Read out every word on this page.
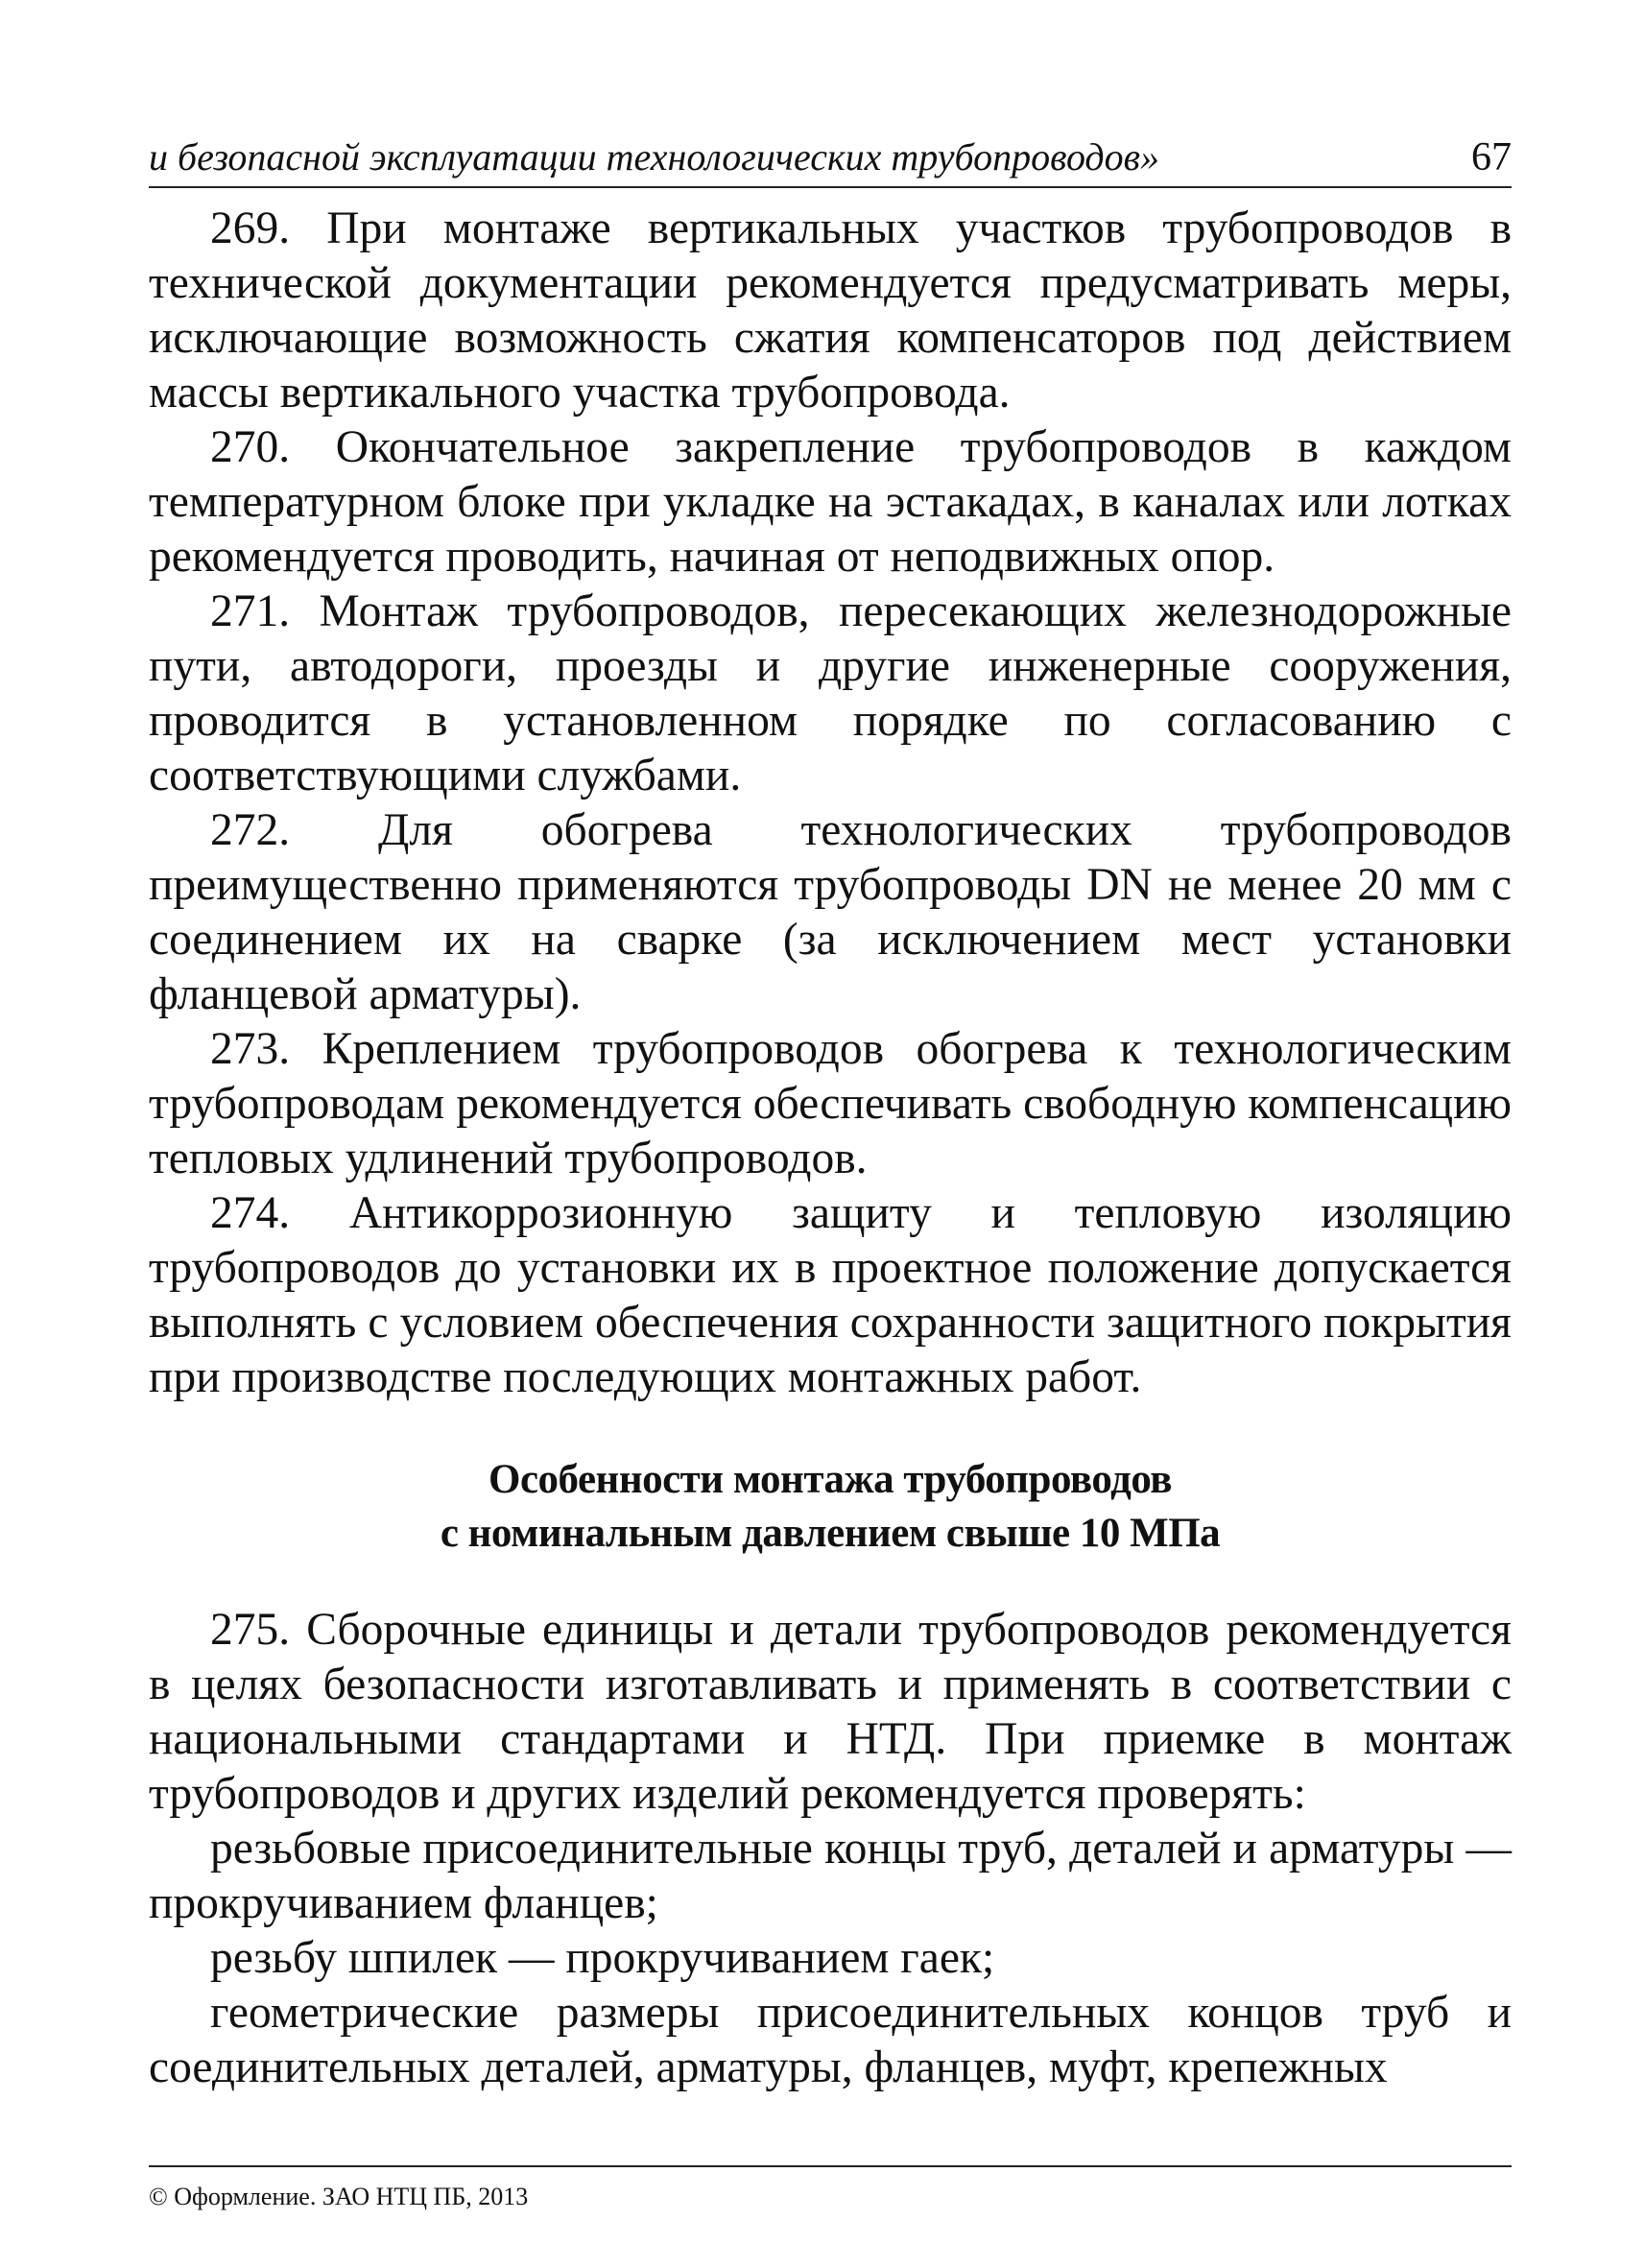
и безопасной эксплуатации технологических трубопроводов»	67

269. При монтаже вертикальных участков трубопроводов в технической документации рекомендуется предусматривать меры, исключающие возможность сжатия компенсаторов под действием массы вертикального участка трубопровода.

270. Окончательное закрепление трубопроводов в каждом температурном блоке при укладке на эстакадах, в каналах или лотках рекомендуется проводить, начиная от неподвижных опор.

271. Монтаж трубопроводов, пересекающих железнодорожные пути, автодороги, проезды и другие инженерные сооружения, проводится в установленном порядке по согласованию с соответствующими службами.

272. Для обогрева технологических трубопроводов преимущественно применяются трубопроводы DN не менее 20 мм с соединением их на сварке (за исключением мест установки фланцевой арматуры).

273. Креплением трубопроводов обогрева к технологическим трубопроводам рекомендуется обеспечивать свободную компенсацию тепловых удлинений трубопроводов.

274. Антикоррозионную защиту и тепловую изоляцию трубопроводов до установки их в проектное положение допускается выполнять с условием обеспечения сохранности защитного покрытия при производстве последующих монтажных работ.

Особенности монтажа трубопроводов
с номинальным давлением свыше 10 МПа

275. Сборочные единицы и детали трубопроводов рекомендуется в целях безопасности изготавливать и применять в соответствии с национальными стандартами и НТД. При приемке в монтаж трубопроводов и других изделий рекомендуется проверять:

резьбовые присоединительные концы труб, деталей и арматуры — прокручиванием фланцев;

резьбу шпилек — прокручиванием гаек;

геометрические размеры присоединительных концов труб и соединительных деталей, арматуры, фланцев, муфт, крепежных

© Оформление. ЗАО НТЦ ПБ, 2013
